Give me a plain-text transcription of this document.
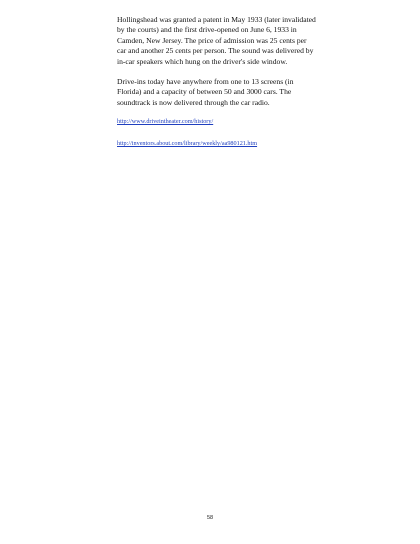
Hollingshead was granted a patent in May 1933 (later invalidated by the courts) and the first drive-opened on June 6, 1933 in Camden, New Jersey. The price of admission was 25 cents per car and another 25 cents per person. The sound was delivered by in-car speakers which hung on the driver's side window.

Drive-ins today have anywhere from one to 13 screens (in Florida) and a capacity of between 50 and 3000 cars. The soundtrack is now delivered through the car radio.

http://www.driveintheater.com/history/
http://inventors.about.com/library/weekly/aa980121.htm
58
